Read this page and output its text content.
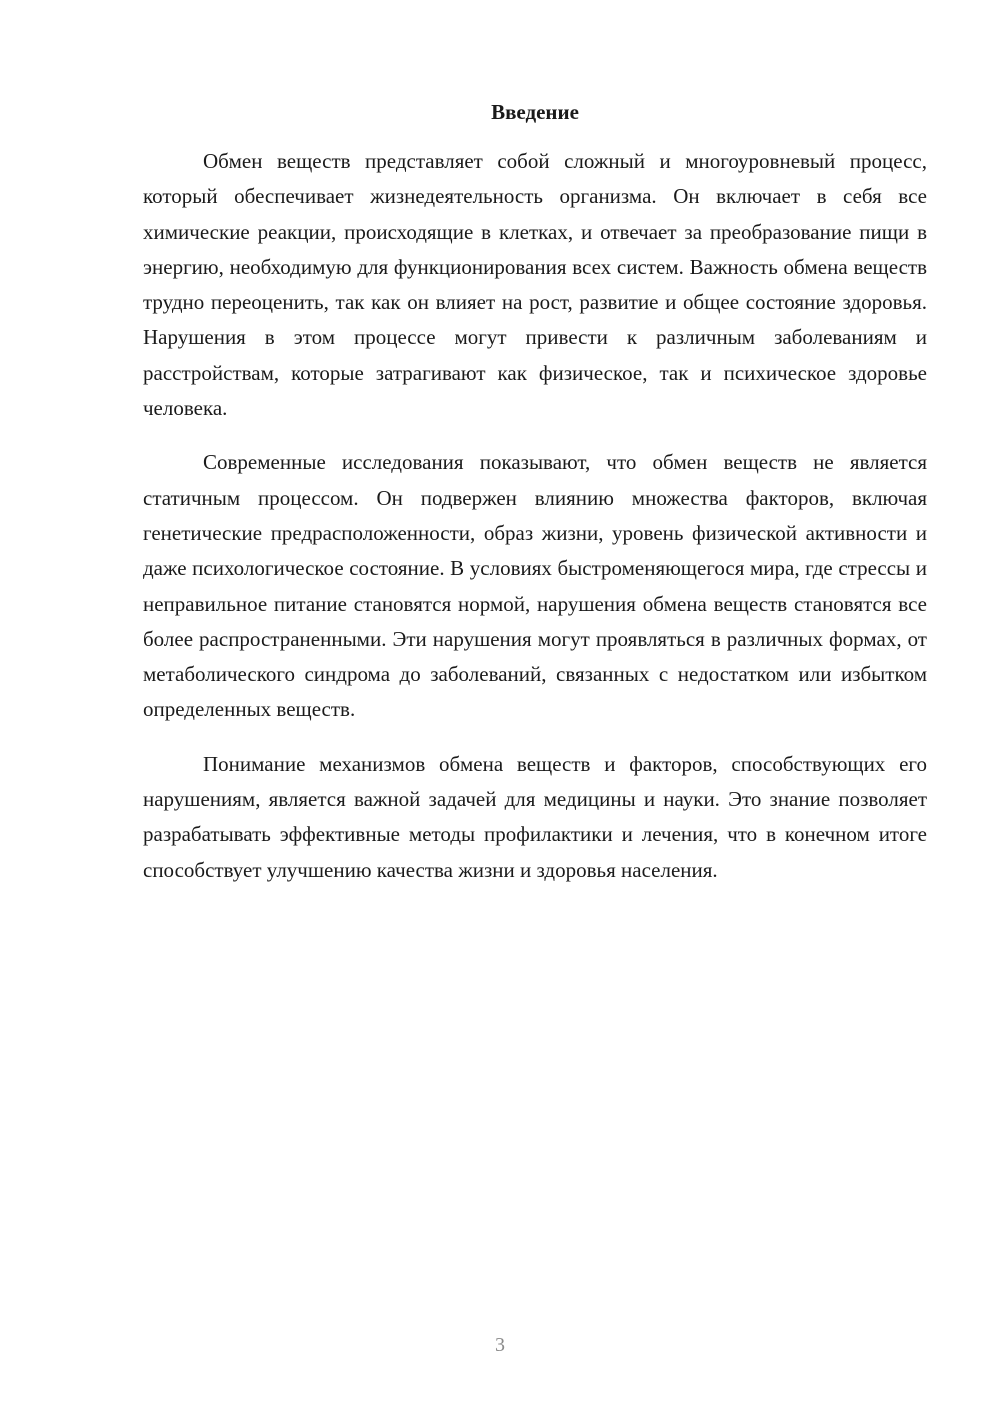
Введение

Обмен веществ представляет собой сложный и многоуровневый процесс, который обеспечивает жизнедеятельность организма. Он включает в себя все химические реакции, происходящие в клетках, и отвечает за преобразование пищи в энергию, необходимую для функционирования всех систем. Важность обмена веществ трудно переоценить, так как он влияет на рост, развитие и общее состояние здоровья. Нарушения в этом процессе могут привести к различным заболеваниям и расстройствам, которые затрагивают как физическое, так и психическое здоровье человека.

Современные исследования показывают, что обмен веществ не является статичным процессом. Он подвержен влиянию множества факторов, включая генетические предрасположенности, образ жизни, уровень физической активности и даже психологическое состояние. В условиях быстроменяющегося мира, где стрессы и неправильное питание становятся нормой, нарушения обмена веществ становятся все более распространенными. Эти нарушения могут проявляться в различных формах, от метаболического синдрома до заболеваний, связанных с недостатком или избытком определенных веществ.

Понимание механизмов обмена веществ и факторов, способствующих его нарушениям, является важной задачей для медицины и науки. Это знание позволяет разрабатывать эффективные методы профилактики и лечения, что в конечном итоге способствует улучшению качества жизни и здоровья населения.

3
